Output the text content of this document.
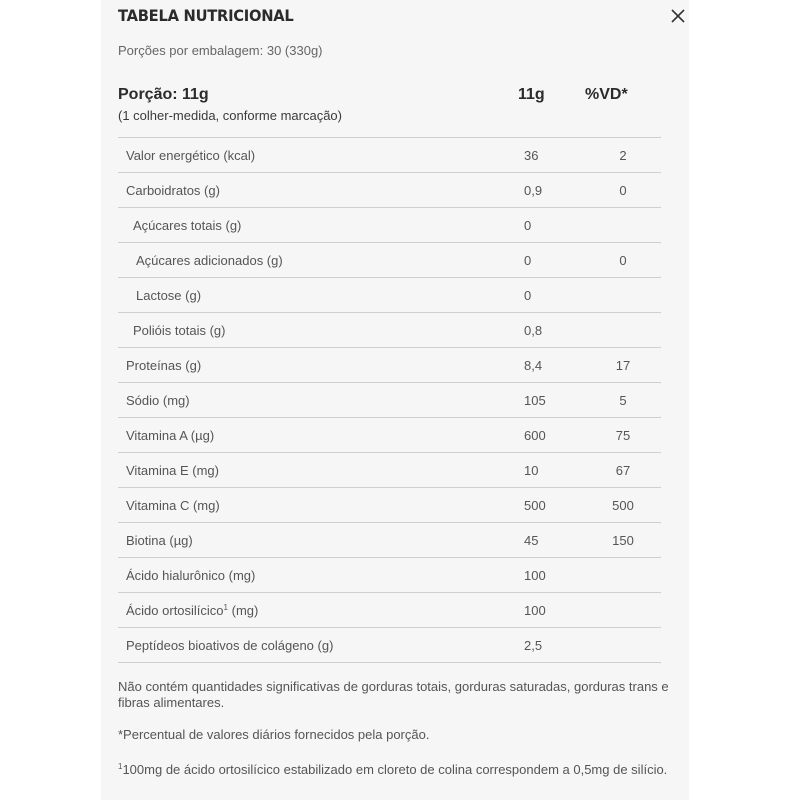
TABELA NUTRICIONAL
Porções por embalagem: 30 (330g)
Porção: 11g
(1 colher-medida, conforme marcação)
11g	%VD*
Valor energético (kcal)	36	2
Carboidratos (g)	0,9	0
Açúcares totais (g)	0
Açúcares adicionados (g)	0	0
Lactose (g)	0
Polióis totais (g)	0,8
Proteínas (g)	8,4	17
Sódio (mg)	105	5
Vitamina A (µg)	600	75
Vitamina E (mg)	10	67
Vitamina C (mg)	500	500
Biotina (µg)	45	150
Ácido hialurônico (mg)	100
Ácido ortosilícico$^1$ (mg)	100
Peptídeos bioativos de colágeno (g)	2,5
Não contém quantidades significativas de gorduras totais, gorduras saturadas, gorduras trans e fibras alimentares.
*Percentual de valores diários fornecidos pela porção.
$^1$100mg de ácido ortosilícico estabilizado em cloreto de colina correspondem a 0,5mg de silício.
